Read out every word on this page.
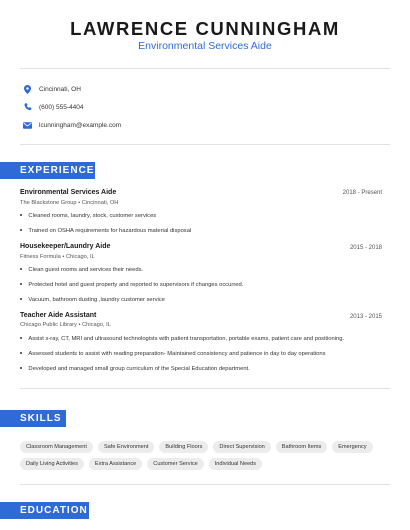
LAWRENCE CUNNINGHAM
Environmental Services Aide
Cincinnati, OH
(600) 555-4404
lcunningham@example.com
EXPERIENCE
Environmental Services Aide	2018 - Present
The Blackstone Group • Cincinnati, OH
Cleaned rooms, laundry, stock, customer services
Trained on OSHA requirements for hazardous material disposal
Housekeeper/Laundry Aide	2015 - 2018
Fitness Formula • Chicago, IL
Clean guest rooms and services their needs.
Protected hotel and guest property and reported to supervisors if changes occurred.
Vacuum, bathroom dusting ,laundry customer service
Teacher Aide Assistant	2013 - 2015
Chicago Public Library • Chicago, IL
Assist x-ray, CT, MRI and ultrasound technologists with patient transportation, portable exams, patient care and positioning.
Assessed students to assist with reading preparation- Maintained consistency and patience in day to day operations
Developed and managed small group curriculum of the Special Education department.
SKILLS
Classroom Management	Safe Environment	Building Floors	Direct Supervision	Bathroom Items	Emergency
Daily Living Activities	Extra Assistance	Customer Service	Individual Needs
EDUCATION
